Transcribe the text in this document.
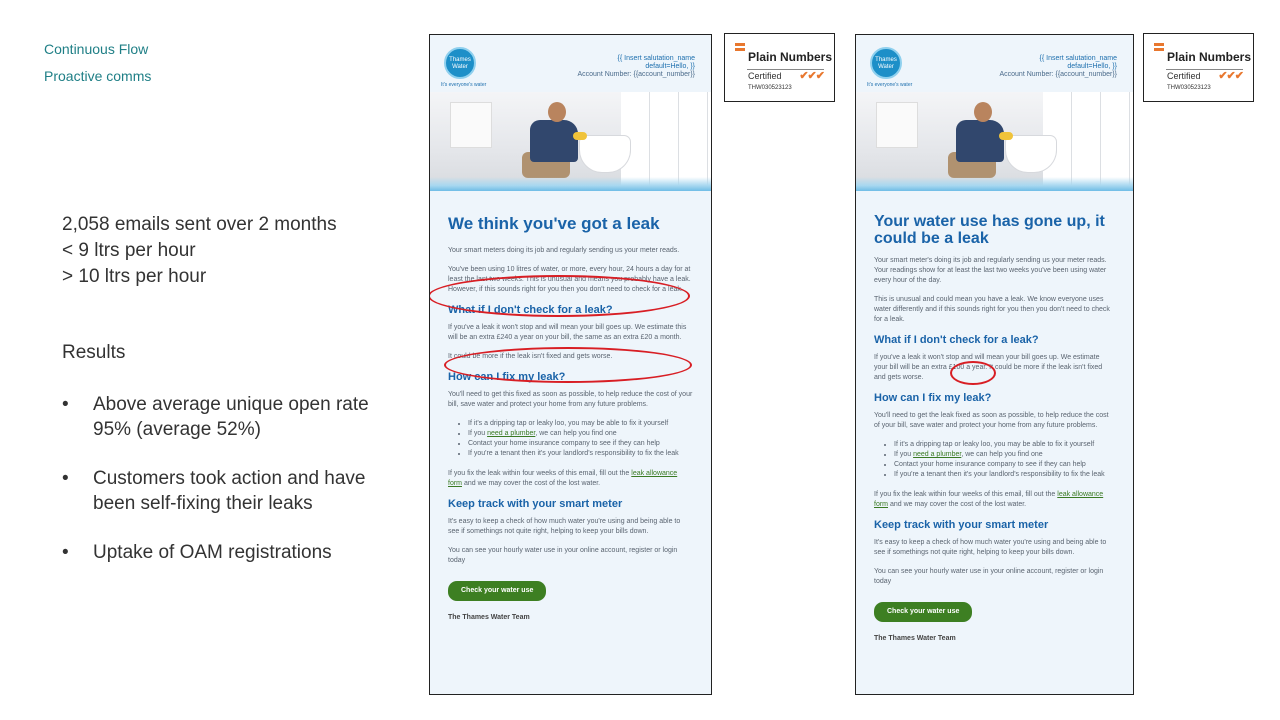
Continuous Flow
Proactive comms
2,058 emails sent over 2 months
< 9 ltrs per hour
> 10 ltrs per hour
Results
• Above average unique open rate 95% (average 52%)
• Customers took action and have been self-fixing their leaks
• Uptake of OAM registrations
Thames Water
It's everyone's water
{{ Insert salutation_name
default=Hello, }}
Account Number: {{account_number}}
We think you've got a leak

Your smart meters doing its job and regularly sending us your meter reads.

You've been using 10 litres of water, or more, every hour, 24 hours a day for at least the last two weeks. This is unusual and means you probably have a leak. However, if this sounds right for you then you don't need to check for a leak.

What if I don't check for a leak?

If you've a leak it won't stop and will mean your bill goes up. We estimate this will be an extra £240 a year on your bill, the same as an extra £20 a month.

It could be more if the leak isn't fixed and gets worse.

How can I fix my leak?

You'll need to get this fixed as soon as possible, to help reduce the cost of your bill, save water and protect your home from any future problems.

• If it's a dripping tap or leaky loo, you may be able to fix it yourself
• If you need a plumber, we can help you find one
• Contact your home insurance company to see if they can help
• If you're a tenant then it's your landlord's responsibility to fix the leak

If you fix the leak within four weeks of this email, fill out the leak allowance form and we may cover the cost of the lost water.

Keep track with your smart meter

It's easy to keep a check of how much water you're using and being able to see if somethings not quite right, helping to keep your bills down.

You can see your hourly water use in your online account, register or login today

Check your water use
The Thames Water Team
Plain Numbers
Certified ✔✔✔
THW030523123
Thames Water
It's everyone's water
{{ Insert salutation_name
default=Hello, }}
Account Number: {{account_number}}
Your water use has gone up, it could be a leak

Your smart meter's doing its job and regularly sending us your meter reads. Your readings show for at least the last two weeks you've been using water every hour of the day.

This is unusual and could mean you have a leak. We know everyone uses water differently and if this sounds right for you then you don't need to check for a leak.

What if I don't check for a leak?

If you've a leak it won't stop and will mean your bill goes up. We estimate your bill will be an extra £100 a year. It could be more if the leak isn't fixed and gets worse.

How can I fix my leak?

You'll need to get the leak fixed as soon as possible, to help reduce the cost of your bill, save water and protect your home from any future problems.

• If it's a dripping tap or leaky loo, you may be able to fix it yourself
• If you need a plumber, we can help you find one
• Contact your home insurance company to see if they can help
• If you're a tenant then it's your landlord's responsibility to fix the leak

If you fix the leak within four weeks of this email, fill out the leak allowance form and we may cover the cost of the lost water.

Keep track with your smart meter

It's easy to keep a check of how much water you're using and being able to see if somethings not quite right, helping to keep your bills down.

You can see your hourly water use in your online account, register or login today

Check your water use
The Thames Water Team
Plain Numbers
Certified ✔✔✔
THW030523123
